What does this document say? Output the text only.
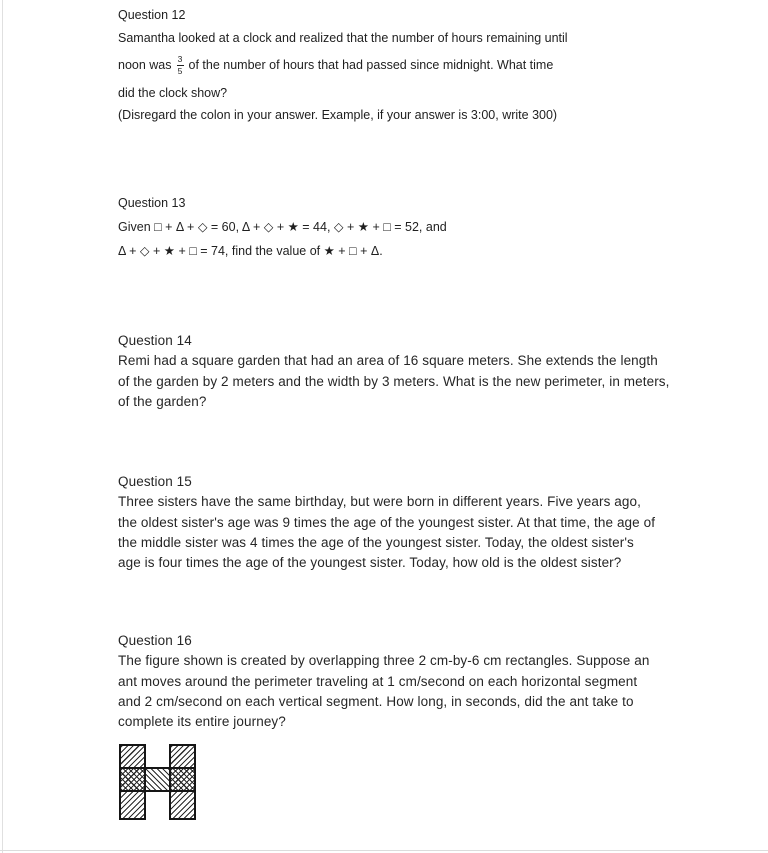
Question 12
Samantha looked at a clock and realized that the number of hours remaining until
noon was $\frac{3}{5}$ of the number of hours that had passed since midnight. What time
did the clock show?
(Disregard the colon in your answer. Example, if your answer is 3:00, write 300)
Question 13
Given □ + Δ + ◇ = 60, Δ + ◇ + ★ = 44, ◇ + ★ + □ = 52, and
Δ + ◇ + ★ + □ = 74, find the value of ★ + □ + Δ.
Question 14
Remi had a square garden that had an area of 16 square meters. She extends the length
of the garden by 2 meters and the width by 3 meters. What is the new perimeter, in meters,
of the garden?
Question 15
Three sisters have the same birthday, but were born in different years. Five years ago,
the oldest sister's age was 9 times the age of the youngest sister. At that time, the age of
the middle sister was 4 times the age of the youngest sister. Today, the oldest sister's
age is four times the age of the youngest sister. Today, how old is the oldest sister?
Question 16
The figure shown is created by overlapping three 2 cm-by-6 cm rectangles. Suppose an
ant moves around the perimeter traveling at 1 cm/second on each horizontal segment
and 2 cm/second on each vertical segment. How long, in seconds, did the ant take to
complete its entire journey?
